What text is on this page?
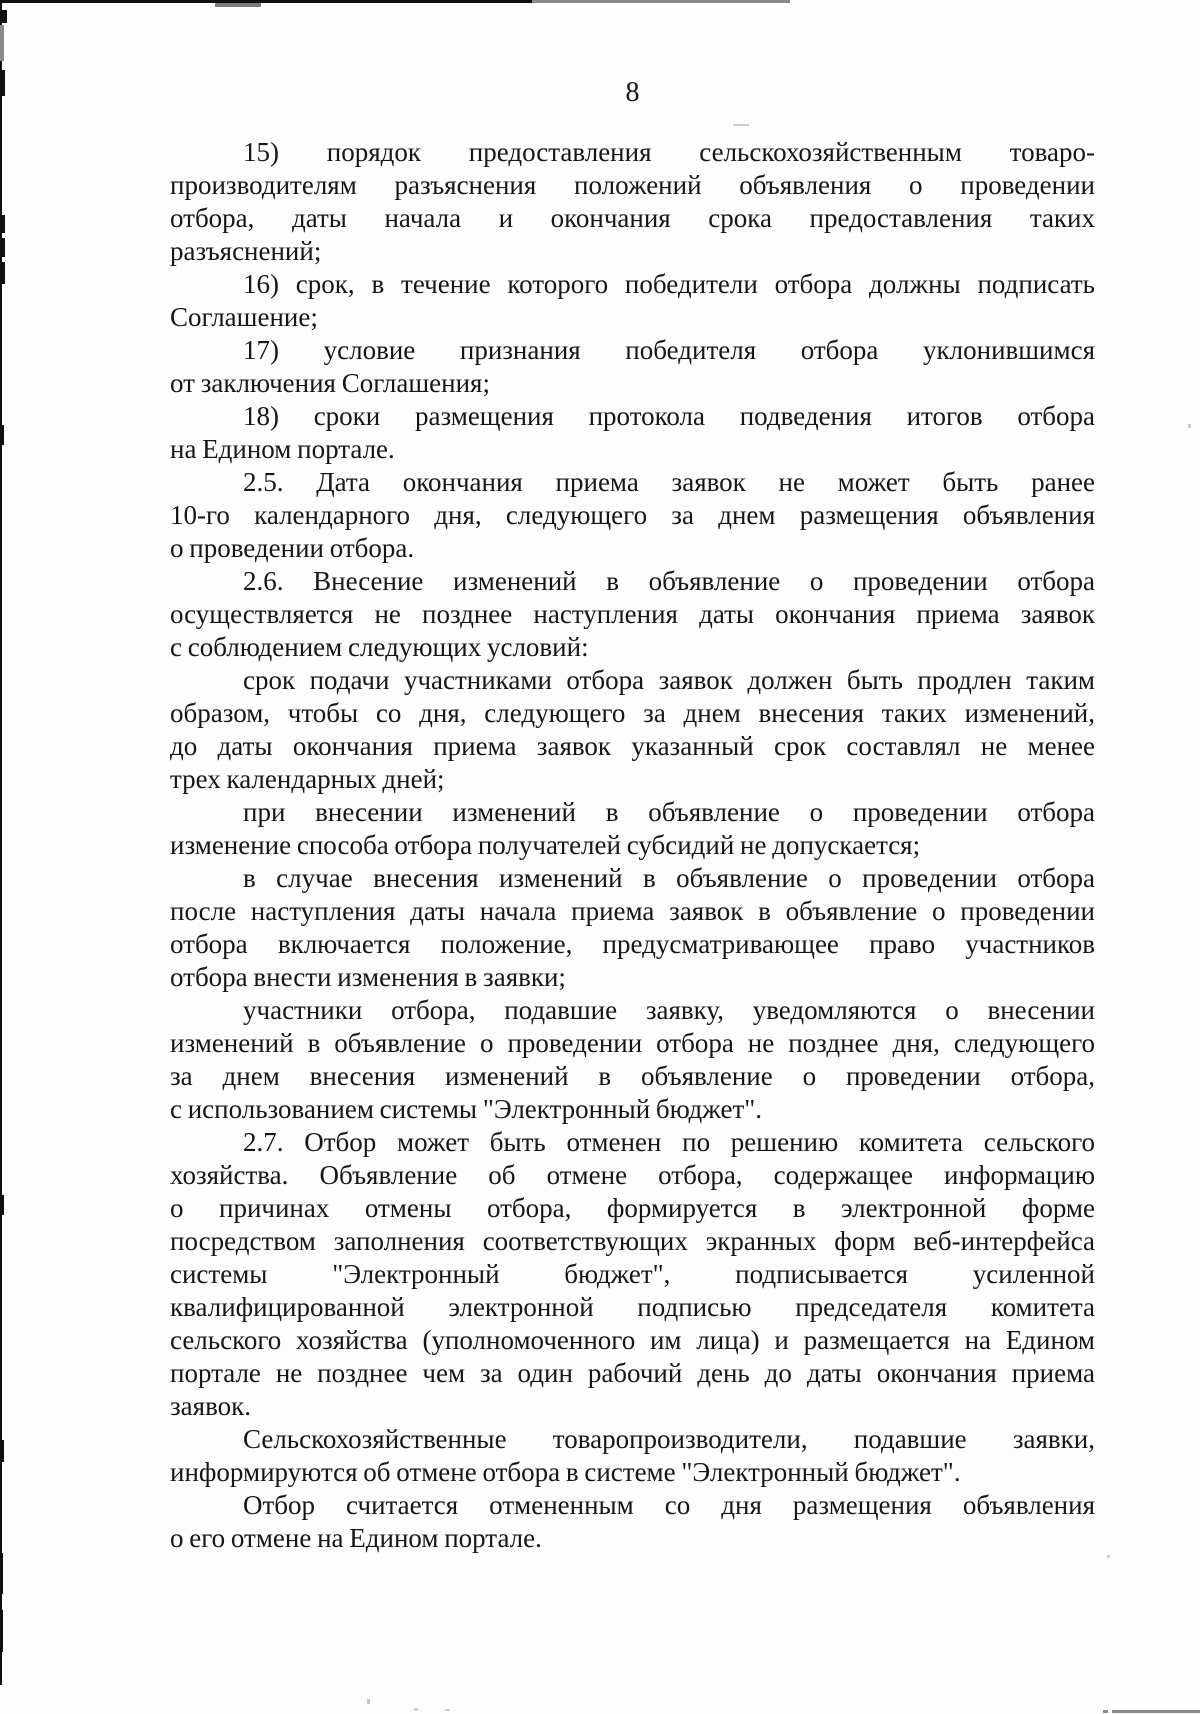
8
15) порядок предоставления сельскохозяйственным товаро-
производителям разъяснения положений объявления о проведении
отбора, даты начала и окончания срока предоставления таких
разъяснений;
16) срок, в течение которого победители отбора должны подписать
Соглашение;
17) условие признания победителя отбора уклонившимся
от заключения Соглашения;
18) сроки размещения протокола подведения итогов отбора
на Едином портале.
2.5. Дата окончания приема заявок не может быть ранее
10-го календарного дня, следующего за днем размещения объявления
о проведении отбора.
2.6. Внесение изменений в объявление о проведении отбора
осуществляется не позднее наступления даты окончания приема заявок
с соблюдением следующих условий:
срок подачи участниками отбора заявок должен быть продлен таким
образом, чтобы со дня, следующего за днем внесения таких изменений,
до даты окончания приема заявок указанный срок составлял не менее
трех календарных дней;
при внесении изменений в объявление о проведении отбора
изменение способа отбора получателей субсидий не допускается;
в случае внесения изменений в объявление о проведении отбора
после наступления даты начала приема заявок в объявление о проведении
отбора включается положение, предусматривающее право участников
отбора внести изменения в заявки;
участники отбора, подавшие заявку, уведомляются о внесении
изменений в объявление о проведении отбора не позднее дня, следующего
за днем внесения изменений в объявление о проведении отбора,
с использованием системы "Электронный бюджет".
2.7. Отбор может быть отменен по решению комитета сельского
хозяйства. Объявление об отмене отбора, содержащее информацию
о причинах отмены отбора, формируется в электронной форме
посредством заполнения соответствующих экранных форм веб-интерфейса
системы "Электронный бюджет", подписывается усиленной
квалифицированной электронной подписью председателя комитета
сельского хозяйства (уполномоченного им лица) и размещается на Едином
портале не позднее чем за один рабочий день до даты окончания приема
заявок.
Сельскохозяйственные товаропроизводители, подавшие заявки,
информируются об отмене отбора в системе "Электронный бюджет".
Отбор считается отмененным со дня размещения объявления
о его отмене на Едином портале.
